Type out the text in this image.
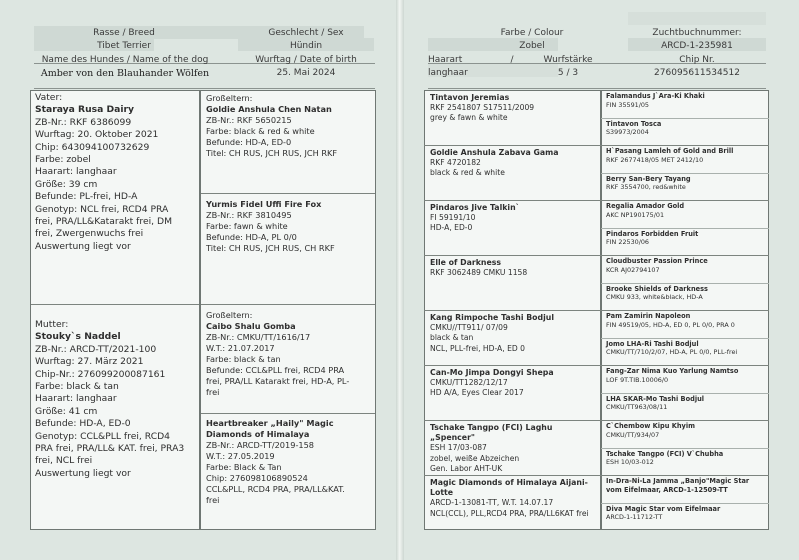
Rasse / Breed
Tibet Terrier
Name des Hundes / Name of the dog
Amber von den Blauhander Wölfen
Geschlecht / Sex
Hündin
Wurftag / Date of birth
25. Mai 2024
Farbe / Colour
Zobel
Haarart	/	Wurfstärke
langhaar	5 / 3
Zuchtbuchnummer:
ARCD-1-235981
Chip Nr.
276095611534512
Vater:
Staraya Rusa Dairy
ZB-Nr.: RKF 6386099
Wurftag: 20. Oktober 2021
Chip: 643094100732629
Farbe: zobel
Haarart: langhaar
Größe: 39 cm
Befunde: PL-frei, HD-A
Genotyp: NCL frei, RCD4 PRA
frei, PRA/LL&Katarakt frei, DM
frei, Zwergenwuchs frei
Auswertung liegt vor
Mutter:
Stouky`s Naddel
ZB-Nr.: ARCD-TT/2021-100
Wurftag: 27. März 2021
Chip-Nr.: 276099200087161
Farbe: black & tan
Haarart: langhaar
Größe: 41 cm
Befunde: HD-A, ED-0
Genotyp: CCL&PLL frei, RCD4
PRA frei, PRA/LL& KAT. frei, PRA3
frei, NCL frei
Auswertung liegt vor
Großeltern:
Goldie Anshula Chen Natan
ZB-Nr.: RKF 5650215
Farbe: black & red & white
Befunde: HD-A, ED-0
Titel: CH RUS, JCH RUS, JCH RKF
Yurmis Fidel Uffi Fire Fox
ZB-Nr.: RKF 3810495
Farbe: fawn & white
Befunde: HD-A, PL 0/0
Titel: CH RUS, JCH RUS, CH RKF
Großeltern:
Caibo Shalu Gomba
ZB-Nr.: CMKU/TT/1616/17
W.T.: 21.07.2017
Farbe: black & tan
Befunde: CCL&PLL frei, RCD4 PRA
frei, PRA/LL Katarakt frei, HD-A, PL-
frei
Heartbreaker „Haily" Magic
Diamonds of Himalaya
ZB-Nr.: ARCD-TT/2019-158
W.T.: 27.05.2019
Farbe: Black & Tan
Chip: 276098106890524
CCL&PLL, RCD4 PRA, PRA/LL&KAT.
frei
Tintavon Jeremias
RKF 2541807 S17511/2009
grey & fawn & white
Goldie Anshula Zabava Gama
RKF 4720182
black & red & white
Pindaros Jive Talkin`
FI 59191/10
HD-A, ED-0
Elle of Darkness
RKF 3062489 CMKU 1158
Kang Rimpoche Tashi Bodjul
CMKU//TT911/ 07/09
black & tan
NCL, PLL-frei, HD-A, ED 0
Can-Mo Jimpa Dongyi Shepa
CMKU/TT1282/12/17
HD A/A, Eyes Clear 2017
Tschake Tangpo (FCI) Laghu „Spencer"
ESH 17/03-087
zobel, weiße Abzeichen
Gen. Labor AHT-UK
Magic Diamonds of Himalaya Aijani-
Lotte
ARCD-1-13081-TT, W.T. 14.07.17
NCL(CCL), PLL,RCD4 PRA, PRA/LL6KAT frei
Falamandus J`Ara-Ki Khaki
FIN 35591/05
Tintavon Tosca
S39973/2004
H`Pasang Lamleh of Gold and Brill
RKF 2677418/05 MET 2412/10
Berry San-Bery Tayang
RKF 3554700, red&white
Regalia Amador Gold
AKC NP190175/01
Pindaros Forbidden Fruit
FIN 22530/06
Cloudbuster Passion Prince
KCR AJ02794107
Brooke Shields of Darkness
CMKU 933, white&black, HD-A
Pam Zamirin Napoleon
FIN 49519/05, HD-A, ED 0, PL 0/0, PRA 0
Jomo LHA-Ri Tashi Bodjul
CMKU/TT/710/2/07, HD-A, PL 0/0, PLL-frei
Fang-Zar Nima Kuo Yarlung Namtso
LOF 9T.TIB.10006/0
LHA SKAR-Mo Tashi Bodjul
CMKU/TT963/08/11
C`Chembow Kipu Khyim
CMKU/TT/934/07
Tschake Tangpo (FCI) V`Chubha
ESH 10/03-012
In-Dra-Ni-La Jamma „Banjo"Magic Star
vom Eifelmaar, ARCD-1-12509-TT
Diva Magic Star vom Eifelmaar
ARCD-1-11712-TT
